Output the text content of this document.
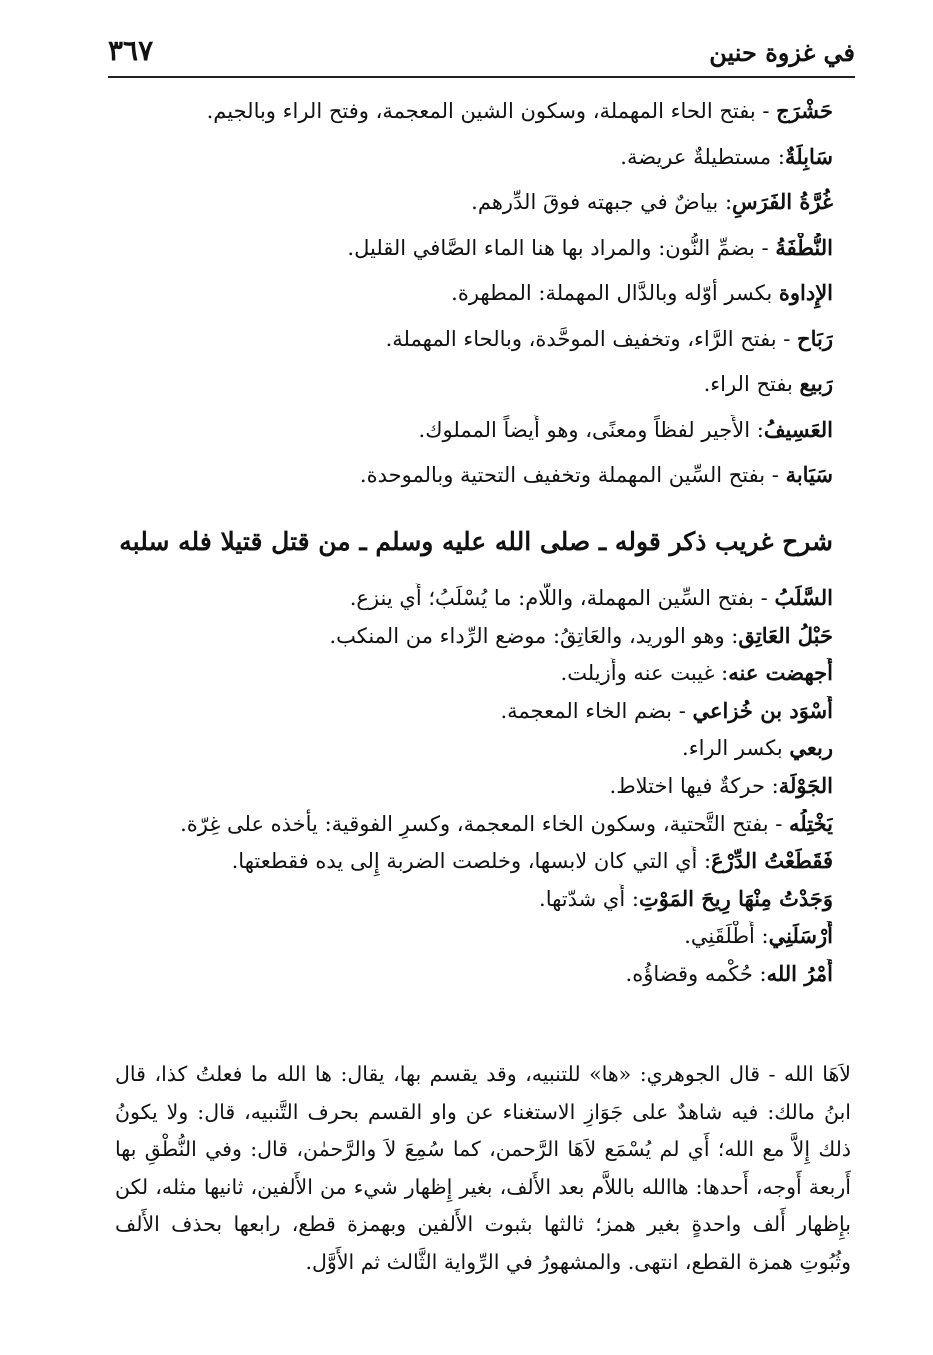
في غزوة حنين
٣٦٧
حَشْرَج - بفتح الحاء المهملة، وسكون الشين المعجمة، وفتح الراء وبالجيم.
سَابِلَةٌ: مستطيلةٌ عريضة.
غُرَّةُ الفَرَسِ: بياضٌ في جبهته فوقَ الدِّرهم.
النُّطْفَةُ - بضمِّ النُّون: والمراد بها هنا الماء الصَّافي القليل.
الإِداوة بكسر أوّله وبالدَّال المهملة: المطهرة.
رَبَاح - بفتح الرَّاء، وتخفيف الموحَّدة، وبالحاء المهملة.
رَبيع بفتح الراء.
العَسِيفُ: الأَجير لفظاً ومعنًى، وهو أَيضاً المملوك.
سَيَابة - بفتح السِّين المهملة وتخفيف التحتية وبالموحدة.
شرح غريب ذكر قوله ـ صلى الله عليه وسلم ـ من قتل قتيلا فله سلبه
السَّلَبُ - بفتح السِّين المهملة، واللَّام: ما يُسْلَبُ؛ أَي ينزع.
حَبْلُ العَاتِق: وهو الوريد، والعَاتِقُ: موضع الرِّداء من المنكب.
أَجهضت عنه: غيبت عنه وأُزيلت.
أَسْوَد بن خُزاعي - بضم الخاء المعجمة.
ربعي بكسر الراء.
الجَوْلَة: حركةٌ فيها اختلاط.
يَخْتِلُه - بفتح التَّحتية، وسكون الخاء المعجمة، وكسرِ الفوقية: يأْخذه على غِرّة.
فَقَطَعْتُ الدِّرْعَ: أَي التي كان لابسها، وخلصت الضربة إِلى يده فقطعتها.
وَجَدْتُ مِنْهَا رِيحَ المَوْتِ: أَي شدّتها.
أَرْسَلَنِي: أَطْلَقَنِي.
أَمْرُ الله: حُكْمه وقضاؤُه.

لاَهَا الله - قال الجوهري: «ها» للتنبيه، وقد يقسم بها، يقال: ها الله ما فعلتُ كذا، قال ابنُ مالك: فيه شاهدٌ على جَوَازِ الاستغناء عن واو القسم بحرف التَّنبيه، قال: ولا يكونُ ذلك إِلاَّ مع الله؛ أَي لم يُسْمَع لاَهَا الرَّحمن، كما سُمِعَ لاَ والرَّحمٰن، قال: وفي النُّطْقِ بها أَربعة أَوجه، أَحدها: هاالله باللاَّم بعد الأَلف، بغير إِظهار شيء من الأَلفين، ثانيها مثله، لكن بإِظهار أَلف واحدةٍ بغير همز؛ ثالثها بثبوت الأَلفين وبهمزة قطع، رابعها بحذف الأَلف وثُبُوتِ همزة القطع، انتهى. والمشهورُ في الرِّواية الثَّالث ثم الأَوَّل.
